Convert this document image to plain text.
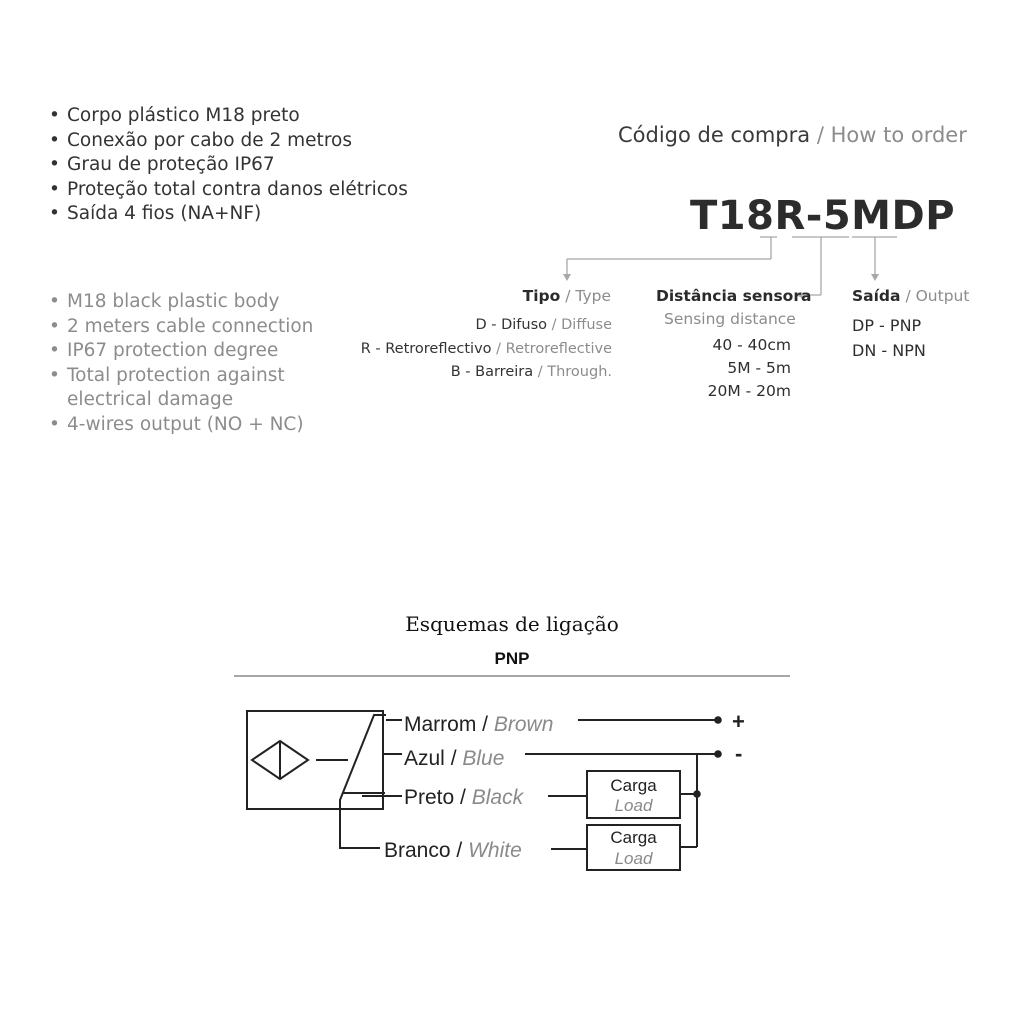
• Corpo plástico M18 preto
• Conexão por cabo de 2 metros
• Grau de proteção IP67
• Proteção total contra danos elétricos
• Saída 4 fios (NA+NF)
• M18 black plastic body
• 2 meters cable connection
• IP67 protection degree
• Total protection against
electrical damage
• 4-wires output (NO + NC)
Código de compra / How to order
T18R-5MDP
Tipo / Type
D - Difuso / Diffuse
R - Retroreflectivo / Retroreflective
B - Barreira / Through.
Distância sensora
Sensing distance
40 - 40cm
5M - 5m
20M - 20m
Saída / Output
DP - PNP
DN - NPN
Esquemas de ligação
PNP
Marrom / Brown
Azul / Blue
Preto / Black
Branco / White
+
-
Carga
Load
Carga
Load
